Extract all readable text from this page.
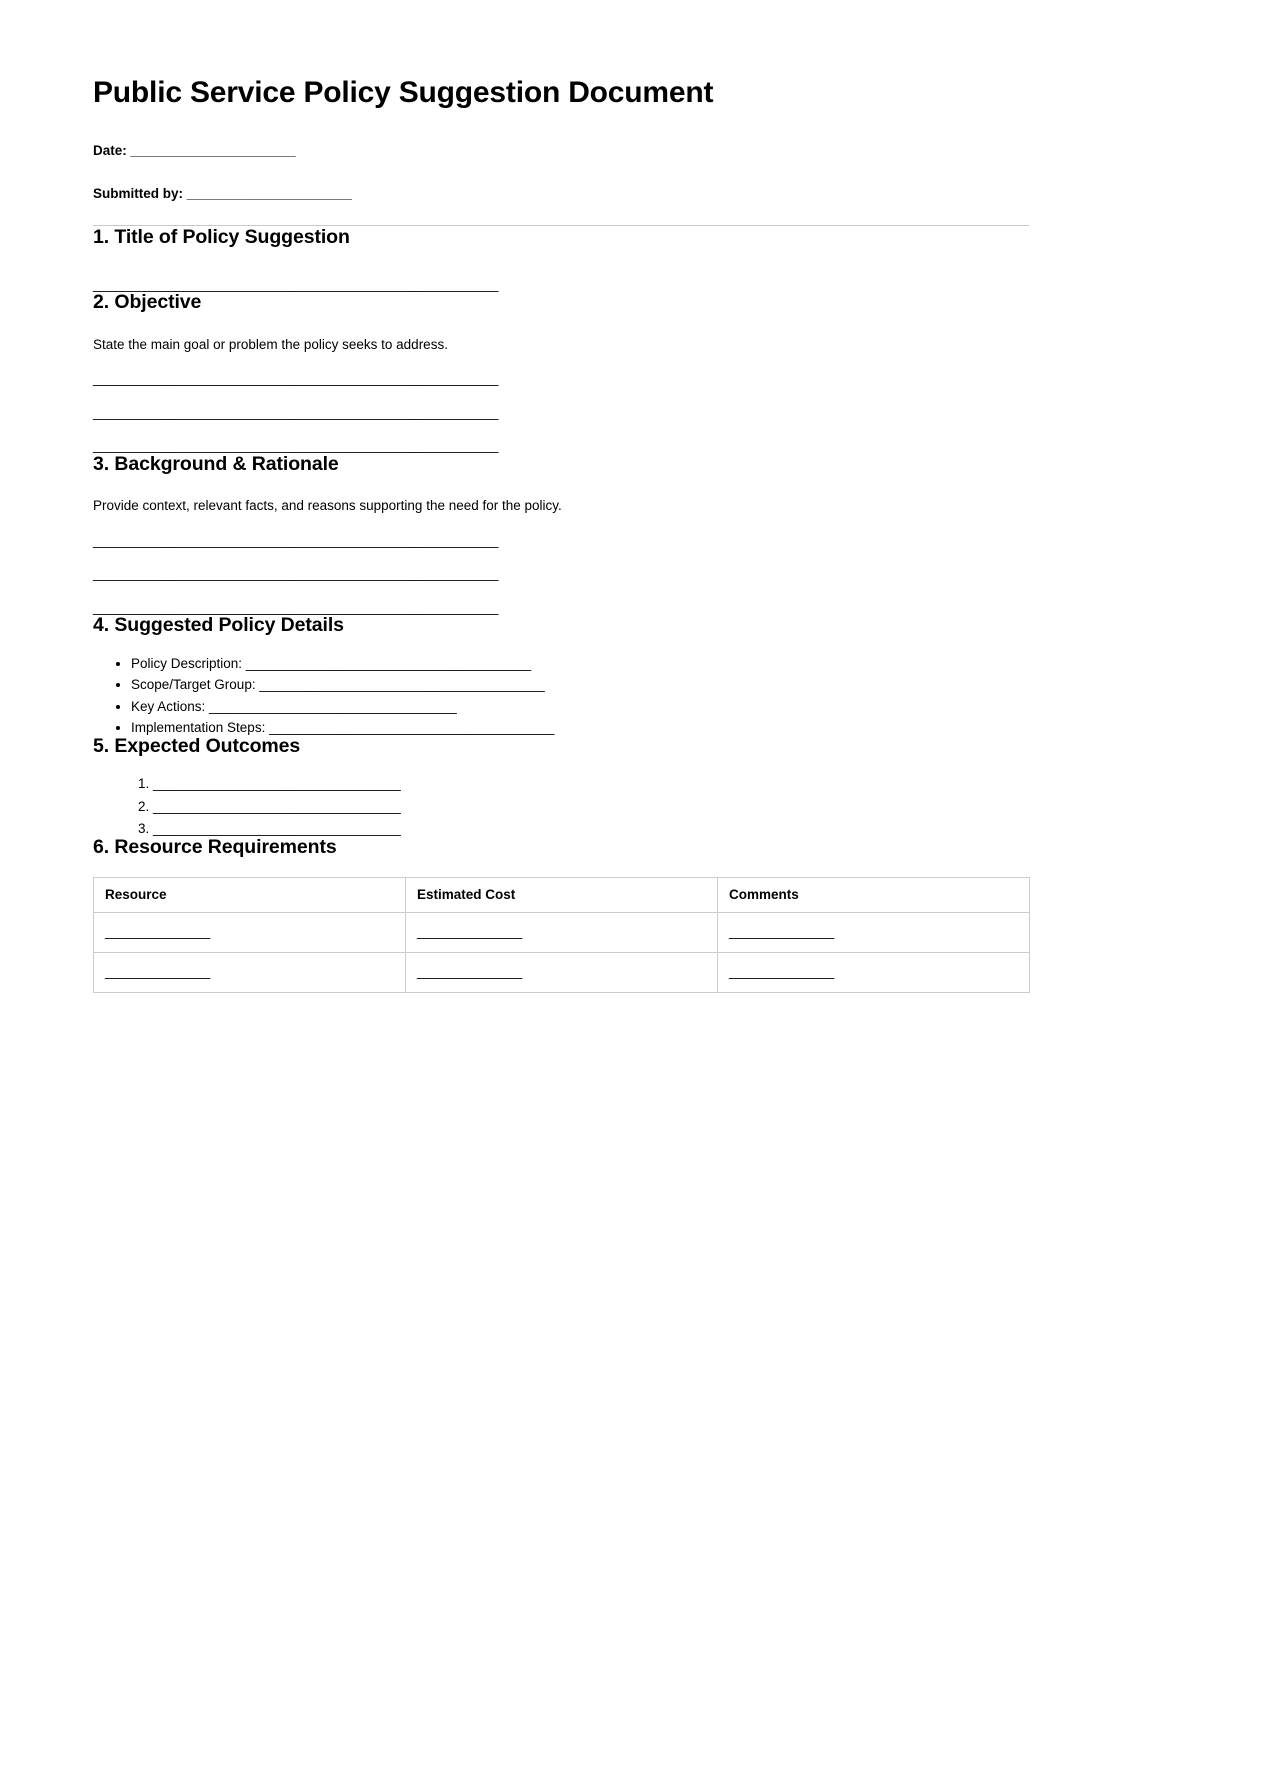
Public Service Policy Suggestion Document
Date: ______________________
Submitted by: ______________________
1. Title of Policy Suggestion
______________________________________________________
2. Objective

State the main goal or problem the policy seeks to address.

______________________________________________________
______________________________________________________
______________________________________________________
3. Background & Rationale

Provide context, relevant facts, and reasons supporting the need for the policy.

______________________________________________________
______________________________________________________
______________________________________________________
4. Suggested Policy Details
• Policy Description: ______________________________________
• Scope/Target Group: ______________________________________
• Key Actions: _________________________________
• Implementation Steps: ______________________________________
5. Expected Outcomes
1. _________________________________
2. _________________________________
3. _________________________________
6. Resource Requirements
Resource	Estimated Cost	Comments
______________	______________	______________
______________	______________	______________
